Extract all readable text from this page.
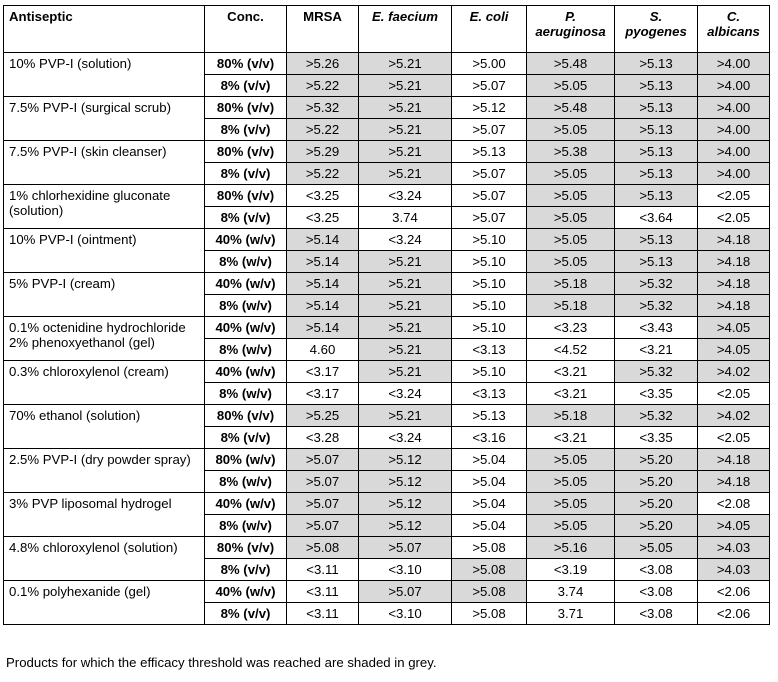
Antiseptic	Conc.	MRSA	E. faecium	E. coli	P. aeruginosa	S. pyogenes	C. albicans
10% PVP-I (solution)	80% (v/v)	>5.26	>5.21	>5.00	>5.48	>5.13	>4.00
	8% (v/v)	>5.22	>5.21	>5.07	>5.05	>5.13	>4.00
7.5% PVP-I (surgical scrub)	80% (v/v)	>5.32	>5.21	>5.12	>5.48	>5.13	>4.00
	8% (v/v)	>5.22	>5.21	>5.07	>5.05	>5.13	>4.00
7.5% PVP-I (skin cleanser)	80% (v/v)	>5.29	>5.21	>5.13	>5.38	>5.13	>4.00
	8% (v/v)	>5.22	>5.21	>5.07	>5.05	>5.13	>4.00
1% chlorhexidine gluconate (solution)	80% (v/v)	<3.25	<3.24	>5.07	>5.05	>5.13	<2.05
	8% (v/v)	<3.25	3.74	>5.07	>5.05	<3.64	<2.05
10% PVP-I (ointment)	40% (w/v)	>5.14	<3.24	>5.10	>5.05	>5.13	>4.18
	8% (w/v)	>5.14	>5.21	>5.10	>5.05	>5.13	>4.18
5% PVP-I (cream)	40% (w/v)	>5.14	>5.21	>5.10	>5.18	>5.32	>4.18
	8% (w/v)	>5.14	>5.21	>5.10	>5.18	>5.32	>4.18
0.1% octenidine hydrochloride 2% phenoxyethanol (gel)	40% (w/v)	>5.14	>5.21	>5.10	<3.23	<3.43	>4.05
	8% (w/v)	4.60	>5.21	<3.13	<4.52	<3.21	>4.05
0.3% chloroxylenol (cream)	40% (w/v)	<3.17	>5.21	>5.10	<3.21	>5.32	>4.02
	8% (w/v)	<3.17	<3.24	<3.13	<3.21	<3.35	<2.05
70% ethanol (solution)	80% (v/v)	>5.25	>5.21	>5.13	>5.18	>5.32	>4.02
	8% (v/v)	<3.28	<3.24	<3.16	<3.21	<3.35	<2.05
2.5% PVP-I (dry powder spray)	80% (w/v)	>5.07	>5.12	>5.04	>5.05	>5.20	>4.18
	8% (w/v)	>5.07	>5.12	>5.04	>5.05	>5.20	>4.18
3% PVP liposomal hydrogel	40% (w/v)	>5.07	>5.12	>5.04	>5.05	>5.20	<2.08
	8% (w/v)	>5.07	>5.12	>5.04	>5.05	>5.20	>4.05
4.8% chloroxylenol (solution)	80% (v/v)	>5.08	>5.07	>5.08	>5.16	>5.05	>4.03
	8% (v/v)	<3.11	<3.10	>5.08	<3.19	<3.08	>4.03
0.1% polyhexanide (gel)	40% (w/v)	<3.11	>5.07	>5.08	3.74	<3.08	<2.06
	8% (v/v)	<3.11	<3.10	>5.08	3.71	<3.08	<2.06
Products for which the efficacy threshold was reached are shaded in grey.
